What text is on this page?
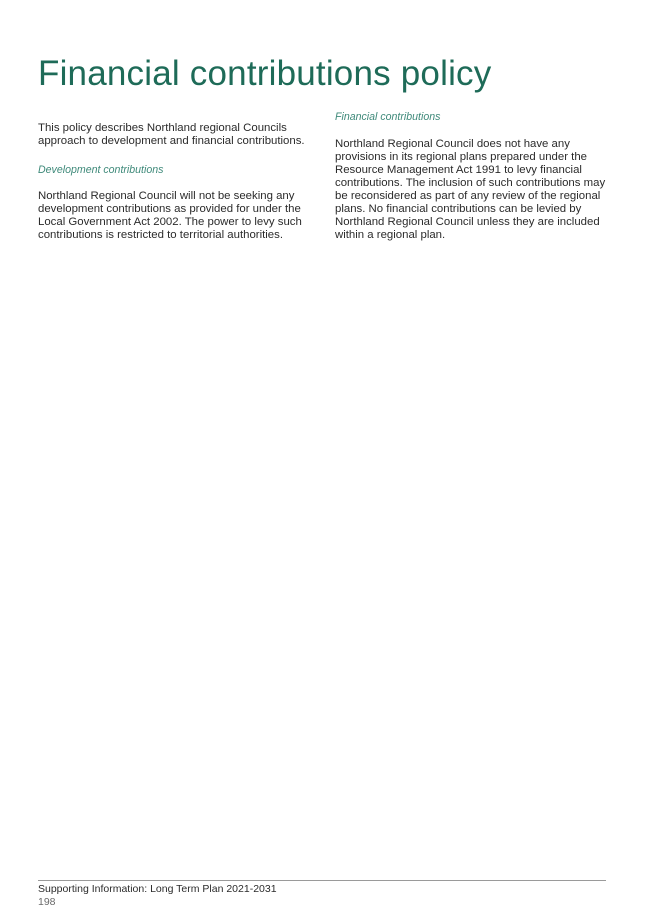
Financial contributions policy

This policy describes Northland regional Councils approach to development and financial contributions.

Development contributions

Northland Regional Council will not be seeking any development contributions as provided for under the Local Government Act 2002. The power to levy such contributions is restricted to territorial authorities.

Financial contributions

Northland Regional Council does not have any provisions in its regional plans prepared under the Resource Management Act 1991 to levy financial contributions. The inclusion of such contributions may be reconsidered as part of any review of the regional plans. No financial contributions can be levied by Northland Regional Council unless they are included within a regional plan.

Supporting Information: Long Term Plan 2021-2031
198
